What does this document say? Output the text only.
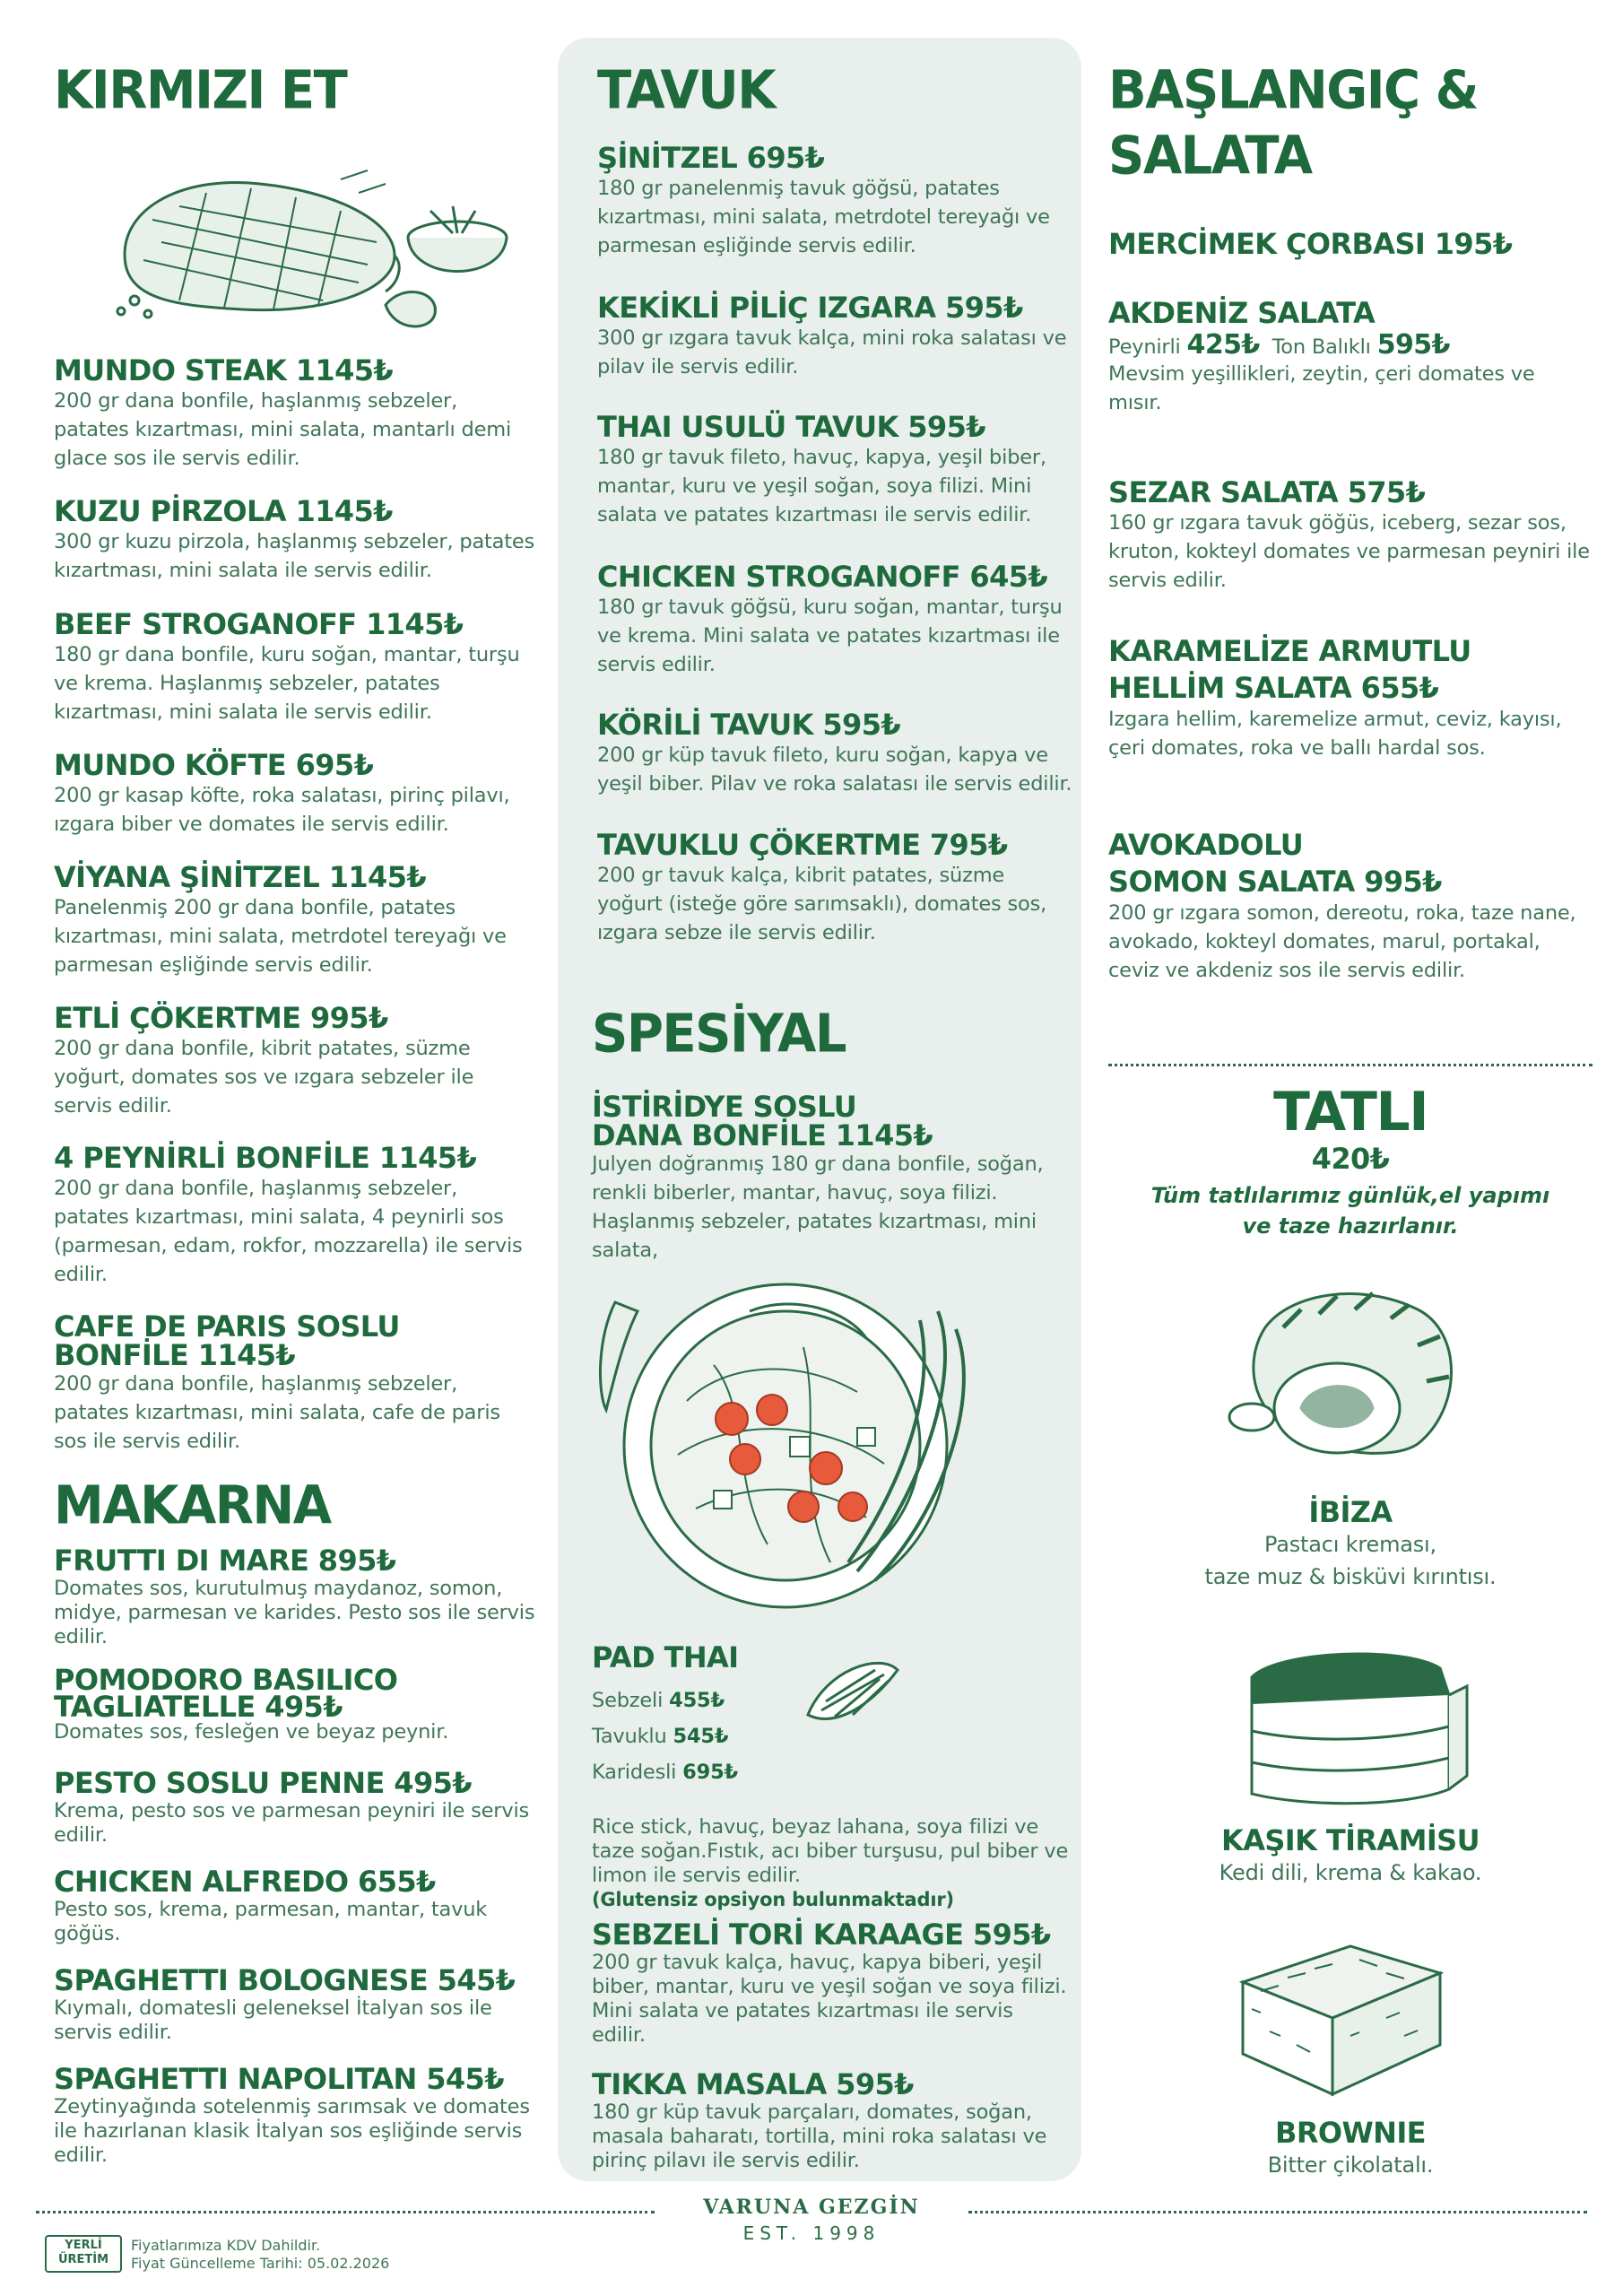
KIRMIZI ET
MUNDO STEAK 1145₺
200 gr dana bonfile, haşlanmış sebzeler, patates kızartması, mini salata, mantarlı demi glace sos ile servis edilir.
KUZU PİRZOLA 1145₺
300 gr kuzu pirzola, haşlanmış sebzeler, patates kızartması, mini salata ile servis edilir.
BEEF STROGANOFF 1145₺
180 gr dana bonfile, kuru soğan, mantar, turşu ve krema. Haşlanmış sebzeler, patates kızartması, mini salata ile servis edilir.
MUNDO KÖFTE 695₺
200 gr kasap köfte, roka salatası, pirinç pilavı, ızgara biber ve domates ile servis edilir.
VİYANA ŞİNİTZEL 1145₺
Panelenmiş 200 gr dana bonfile, patates kızartması, mini salata, metrdotel tereyağı ve parmesan eşliğinde servis edilir.
ETLİ ÇÖKERTME 995₺
200 gr dana bonfile, kibrit patates, süzme yoğurt, domates sos ve ızgara sebzeler ile servis edilir.
4 PEYNİRLİ BONFİLE 1145₺
200 gr dana bonfile, haşlanmış sebzeler, patates kızartması, mini salata, 4 peynirli sos (parmesan, edam, rokfor, mozzarella) ile servis edilir.
CAFE DE PARIS SOSLU
BONFİLE 1145₺
200 gr dana bonfile, haşlanmış sebzeler, patates kızartması, mini salata, cafe de paris sos ile servis edilir.
MAKARNA
FRUTTI DI MARE 895₺
Domates sos, kurutulmuş maydanoz, somon, midye, parmesan ve karides. Pesto sos ile servis edilir.
POMODORO BASILICO
TAGLIATELLE 495₺
Domates sos, fesleğen ve beyaz peynir.
PESTO SOSLU PENNE 495₺
Krema, pesto sos ve parmesan peyniri ile servis edilir.
CHICKEN ALFREDO 655₺
Pesto sos, krema, parmesan, mantar, tavuk göğüs.
SPAGHETTI BOLOGNESE 545₺
Kıymalı, domatesli geleneksel İtalyan sos ile servis edilir.
SPAGHETTI NAPOLITAN 545₺
Zeytinyağında sotelenmiş sarımsak ve domates ile hazırlanan klasik İtalyan sos eşliğinde servis edilir.
TAVUK
ŞİNİTZEL 695₺
180 gr panelenmiş tavuk göğsü, patates kızartması, mini salata, metrdotel tereyağı ve parmesan eşliğinde servis edilir.
KEKİKLİ PİLİÇ IZGARA 595₺
300 gr ızgara tavuk kalça, mini roka salatası ve pilav ile servis edilir.
THAI USULÜ TAVUK 595₺
180 gr tavuk fileto, havuç, kapya, yeşil biber, mantar, kuru ve yeşil soğan, soya filizi. Mini salata ve patates kızartması ile servis edilir.
CHICKEN STROGANOFF 645₺
180 gr tavuk göğsü, kuru soğan, mantar, turşu ve krema. Mini salata ve patates kızartması ile servis edilir.
KÖRİLİ TAVUK 595₺
200 gr küp tavuk fileto, kuru soğan, kapya ve yeşil biber. Pilav ve roka salatası ile servis edilir.
TAVUKLU ÇÖKERTME 795₺
200 gr tavuk kalça, kibrit patates, süzme yoğurt (isteğe göre sarımsaklı), domates sos, ızgara sebze ile servis edilir.
SPESİYAL
İSTİRİDYE SOSLU
DANA BONFİLE 1145₺
Julyen doğranmış 180 gr dana bonfile, soğan, renkli biberler, mantar, havuç, soya filizi. Haşlanmış sebzeler, patates kızartması, mini salata,
PAD THAI
Sebzeli 455₺
Tavuklu 545₺
Karidesli 695₺
Rice stick, havuç, beyaz lahana, soya filizi ve taze soğan.Fıstık, acı biber turşusu, pul biber ve limon ile servis edilir.
(Glutensiz opsiyon bulunmaktadır)
SEBZELİ TORİ KARAAGE 595₺
200 gr tavuk kalça, havuç, kapya biberi, yeşil biber, mantar, kuru ve yeşil soğan ve soya filizi. Mini salata ve patates kızartması ile servis edilir.
TIKKA MASALA 595₺
180 gr küp tavuk parçaları, domates, soğan, masala baharatı, tortilla, mini roka salatası ve pirinç pilavı ile servis edilir.
BAŞLANGIÇ &
SALATA
MERCİMEK ÇORBASI 195₺
AKDENİZ SALATA
Peynirli 425₺ Ton Balıklı 595₺
Mevsim yeşillikleri, zeytin, çeri domates ve mısır.
SEZAR SALATA 575₺
160 gr ızgara tavuk göğüs, iceberg, sezar sos, kruton, kokteyl domates ve parmesan peyniri ile servis edilir.
KARAMELİZE ARMUTLU
HELLİM SALATA 655₺
Izgara hellim, karemelize armut, ceviz, kayısı, çeri domates, roka ve ballı hardal sos.
AVOKADOLU
SOMON SALATA 995₺
200 gr ızgara somon, dereotu, roka, taze nane, avokado, kokteyl domates, marul, portakal, ceviz ve akdeniz sos ile servis edilir.
TATLI
420₺
Tüm tatlılarımız günlük,el yapımı
ve taze hazırlanır.
İBİZA
Pastacı kreması,
taze muz & bisküvi kırıntısı.
KAŞIK TİRAMİSU
Kedi dili, krema & kakao.
BROWNIE
Bitter çikolatalı.
VARUNA GEZGİN
EST. 1998
YERLİ
ÜRETİM
Fiyatlarımıza KDV Dahildir.
Fiyat Güncelleme Tarihi: 05.02.2026
